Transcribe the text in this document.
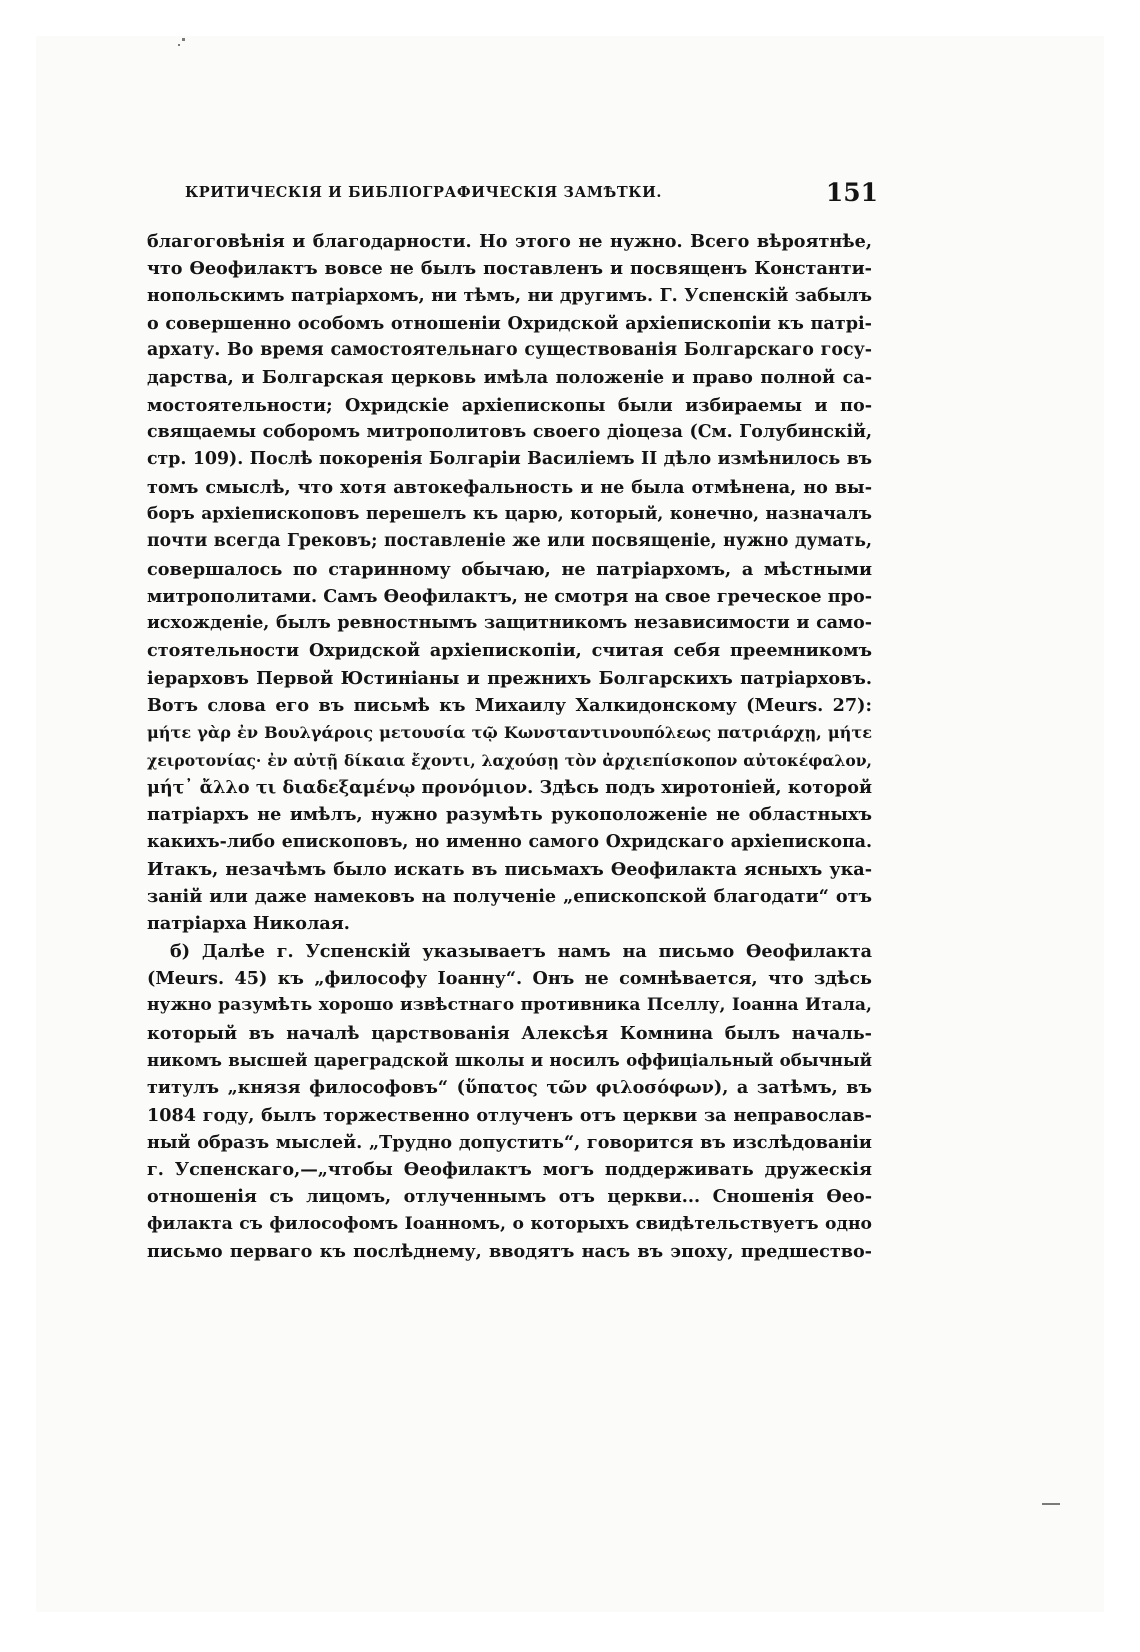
КРИТИЧЕСКІЯ И БИБЛІОГРАФИЧЕСКІЯ ЗАМѢТКИ.	151
благоговѣнія и благодарности. Но этого не нужно. Всего вѣроятнѣе,
что Ѳеофилактъ вовсе не былъ поставленъ и посвященъ Константи-
нопольскимъ патріархомъ, ни тѣмъ, ни другимъ. Г. Успенскій забылъ
о совершенно особомъ отношеніи Охридской архіепископіи къ патрі-
архату. Во время самостоятельнаго существованія Болгарскаго госу-
дарства, и Болгарская церковь имѣла положеніе и право полной са-
мостоятельности; Охридскіе архіепископы были избираемы и по-
свящаемы соборомъ митрополитовъ своего діоцеза (См. Голубинскій,
стр. 109). Послѣ покоренія Болгаріи Василіемъ II дѣло измѣнилось въ
томъ смыслѣ, что хотя автокефальность и не была отмѣнена, но вы-
боръ архіепископовъ перешелъ къ царю, который, конечно, назначалъ
почти всегда Грековъ; поставленіе же или посвященіе, нужно думать,
совершалось по старинному обычаю, не патріархомъ, а мѣстными
митрополитами. Самъ Ѳеофилактъ, не смотря на свое греческое про-
исхожденіе, былъ ревностнымъ защитникомъ независимости и само-
стоятельности Охридской архіепископіи, считая себя преемникомъ
іерарховъ Первой Юстиніаны и прежнихъ Болгарскихъ патріарховъ.
Вотъ слова его въ письмѣ къ Михаилу Халкидонскому (Meurs. 27):
μήτε γὰρ ἐν Βουλγάροις μετουσία τῷ Κωνσταντινουπόλεως πατριάρχῃ, μήτε
χειροτονίας· ἐν αὐτῇ δίκαια ἔχοντι, λαχούσῃ τὸν ἀρχιεπίσκοπον αὐτοκέφαλον,
μήτ᾽ ἄλλο τι διαδεξαμένῳ προνόμιον. Здѣсь подъ хиротоніей, которой
патріархъ не имѣлъ, нужно разумѣть рукоположеніе не областныхъ
какихъ-либо епископовъ, но именно самого Охридскаго архіепископа.
Итакъ, незачѣмъ было искать въ письмахъ Ѳеофилакта ясныхъ ука-
заній или даже намековъ на полученіе „епископской благодати“ отъ
патріарха Николая.
б) Далѣе г. Успенскій указываетъ намъ на письмо Ѳеофилакта
(Meurs. 45) къ „философу Іоанну“. Онъ не сомнѣвается, что здѣсь
нужно разумѣть хорошо извѣстнаго противника Пселлу, Іоанна Итала,
который въ началѣ царствованія Алексѣя Комнина былъ началь-
никомъ высшей цареградской школы и носилъ оффиціальный обычный
титулъ „князя философовъ“ (ὕπατος τῶν φιλοσόφων), а затѣмъ, въ
1084 году, былъ торжественно отлученъ отъ церкви за неправослав-
ный образъ мыслей. „Трудно допустить“, говорится въ изслѣдованіи
г. Успенскаго,—„чтобы Ѳеофилактъ могъ поддерживать дружескія
отношенія съ лицомъ, отлученнымъ отъ церкви... Сношенія Ѳео-
филакта съ философомъ Іоанномъ, о которыхъ свидѣтельствуетъ одно
письмо перваго къ послѣднему, вводятъ насъ въ эпоху, предшество-
